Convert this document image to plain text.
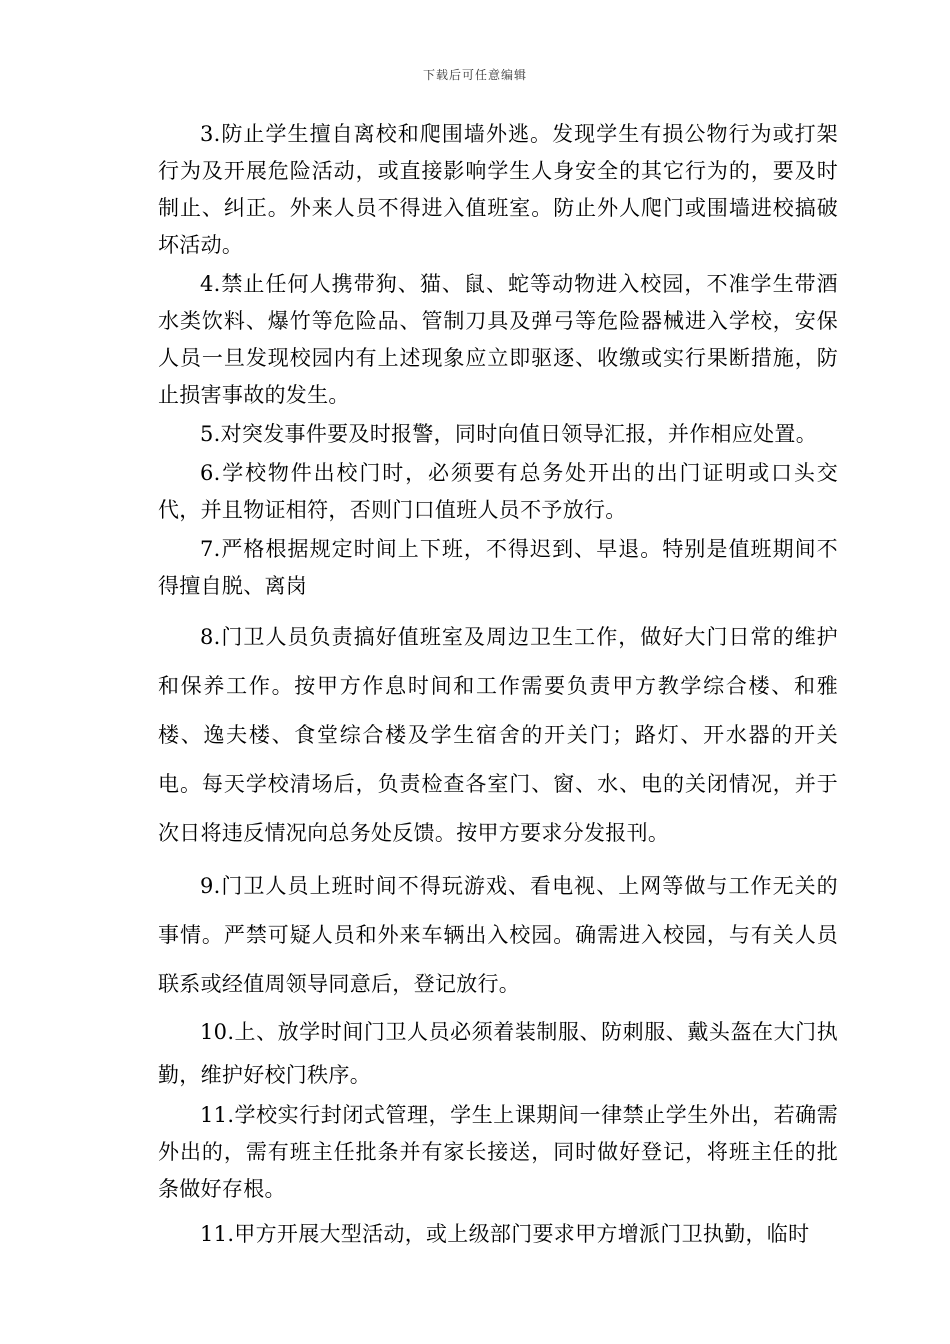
下载后可任意编辑

3.防止学生擅自离校和爬围墙外逃。发现学生有损公物行为或打架行为及开展危险活动，或直接影响学生人身安全的其它行为的，要及时制止、纠正。外来人员不得进入值班室。防止外人爬门或围墙进校搞破坏活动。

4.禁止任何人携带狗、猫、鼠、蛇等动物进入校园，不准学生带酒水类饮料、爆竹等危险品、管制刀具及弹弓等危险器械进入学校，安保人员一旦发现校园内有上述现象应立即驱逐、收缴或实行果断措施，防止损害事故的发生。

5.对突发事件要及时报警，同时向值日领导汇报，并作相应处置。

6.学校物件出校门时，必须要有总务处开出的出门证明或口头交代，并且物证相符，否则门口值班人员不予放行。

7.严格根据规定时间上下班，不得迟到、早退。特别是值班期间不得擅自脱、离岗

8.门卫人员负责搞好值班室及周边卫生工作，做好大门日常的维护和保养工作。按甲方作息时间和工作需要负责甲方教学综合楼、和雅楼、逸夫楼、食堂综合楼及学生宿舍的开关门；路灯、开水器的开关电。每天学校清场后，负责检查各室门、窗、水、电的关闭情况，并于次日将违反情况向总务处反馈。按甲方要求分发报刊。

9.门卫人员上班时间不得玩游戏、看电视、上网等做与工作无关的事情。严禁可疑人员和外来车辆出入校园。确需进入校园，与有关人员联系或经值周领导同意后，登记放行。

10.上、放学时间门卫人员必须着装制服、防刺服、戴头盔在大门执勤，维护好校门秩序。

11.学校实行封闭式管理，学生上课期间一律禁止学生外出，若确需外出的，需有班主任批条并有家长接送，同时做好登记，将班主任的批条做好存根。

11.甲方开展大型活动，或上级部门要求甲方增派门卫执勤，临时
